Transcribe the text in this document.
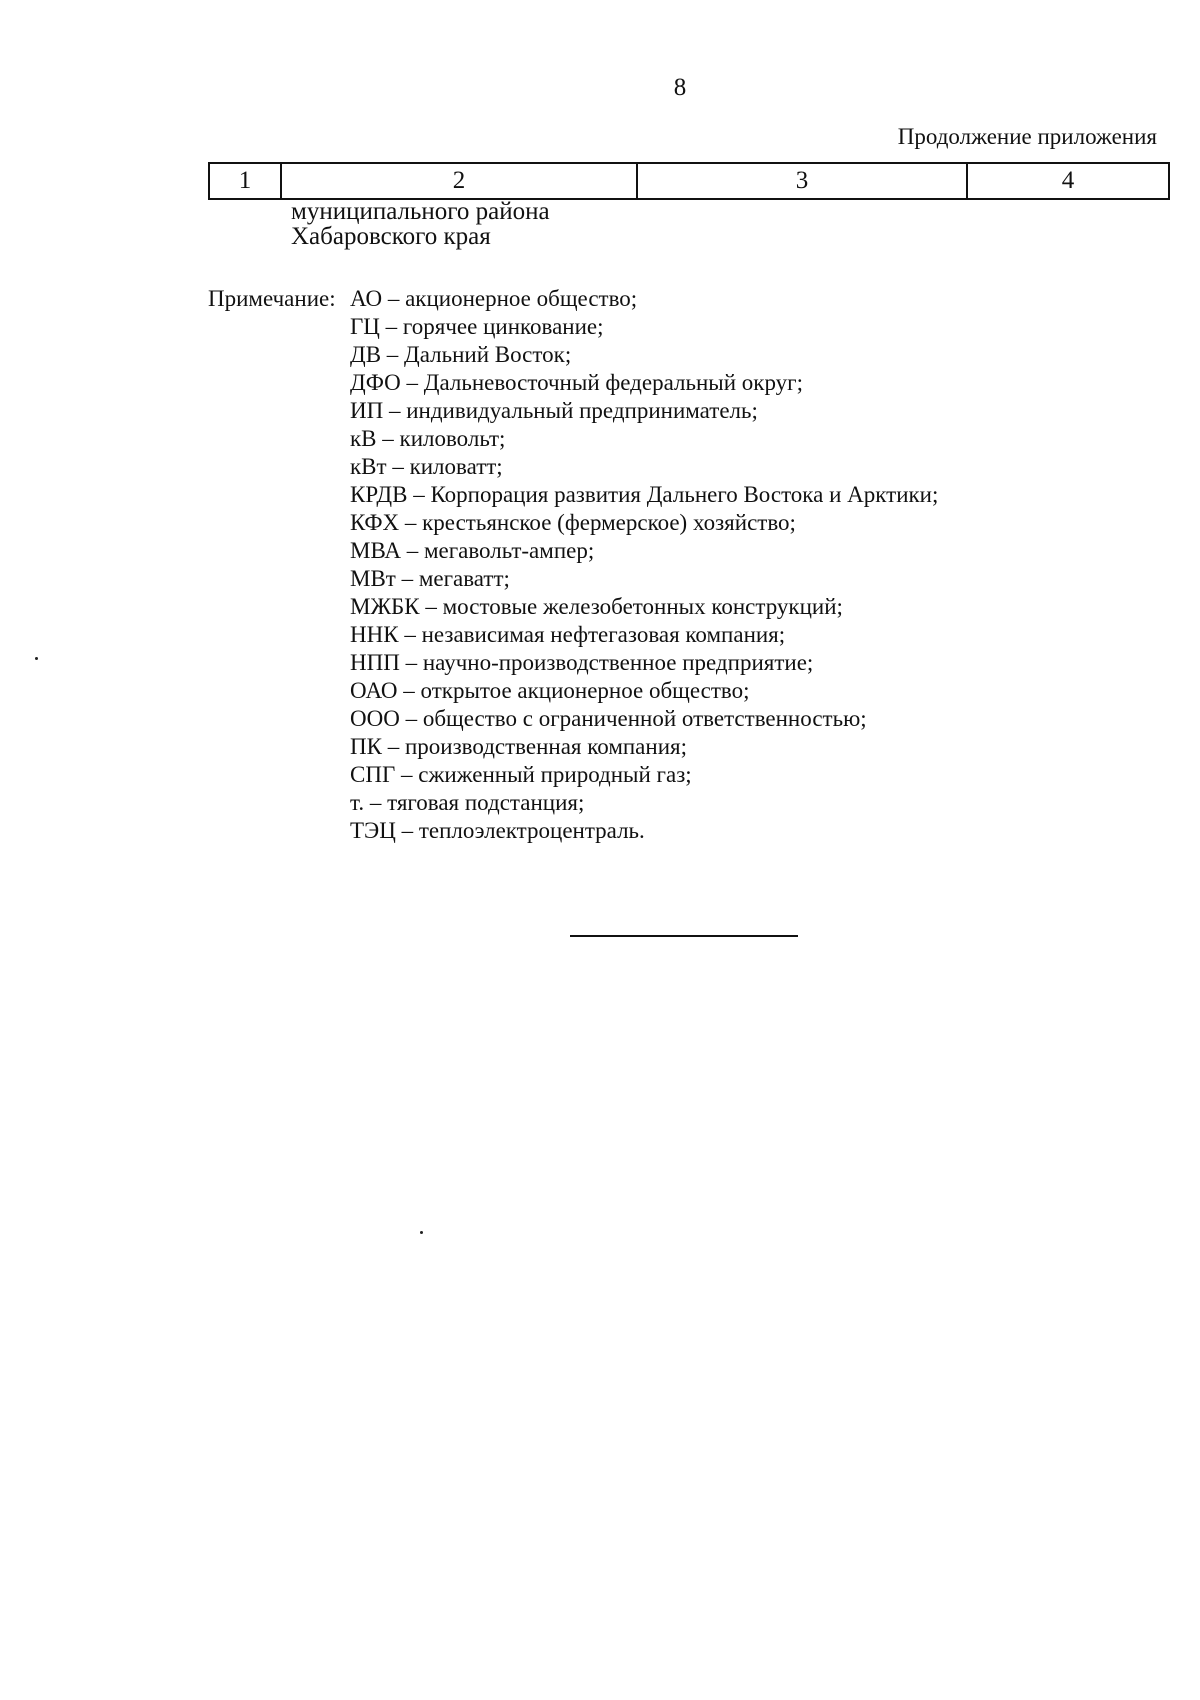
8
Продолжение приложения
1	2	3	4
муниципального района
Хабаровского края
Примечание: АО – акционерное общество;
ГЦ – горячее цинкование;
ДВ – Дальний Восток;
ДФО – Дальневосточный федеральный округ;
ИП – индивидуальный предприниматель;
кВ – киловольт;
кВт – киловатт;
КРДВ – Корпорация развития Дальнего Востока и Арктики;
КФХ – крестьянское (фермерское) хозяйство;
МВА – мегавольт-ампер;
МВт – мегаватт;
МЖБК – мостовые железобетонных конструкций;
ННК – независимая нефтегазовая компания;
НПП – научно-производственное предприятие;
ОАО – открытое акционерное общество;
ООО – общество с ограниченной ответственностью;
ПК – производственная компания;
СПГ – сжиженный природный газ;
т. – тяговая подстанция;
ТЭЦ – теплоэлектроцентраль.
